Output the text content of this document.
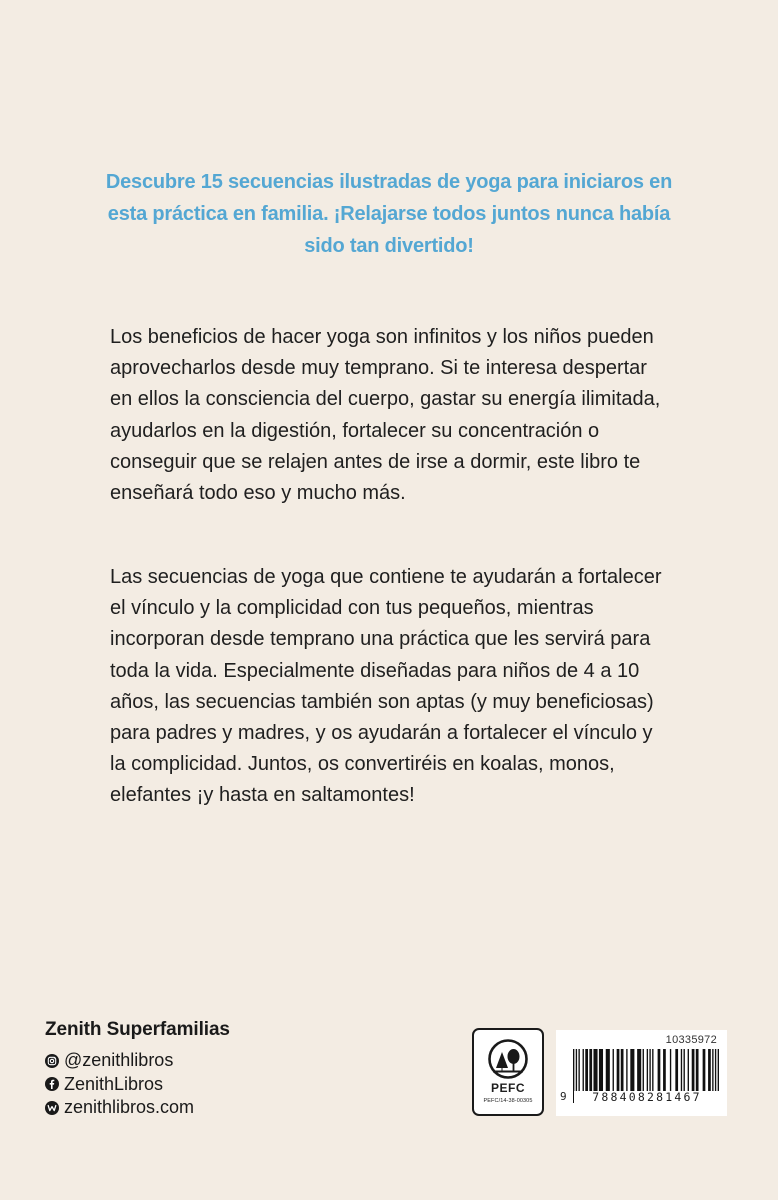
Descubre 15 secuencias ilustradas de yoga para iniciaros en esta práctica en familia. ¡Relajarse todos juntos nunca había sido tan divertido!
Los beneficios de hacer yoga son infinitos y los niños pueden aprovecharlos desde muy temprano. Si te interesa despertar en ellos la consciencia del cuerpo, gastar su energía ilimitada, ayudarlos en la digestión, fortalecer su concentración o conseguir que se relajen antes de irse a dormir, este libro te enseñará todo eso y mucho más.
Las secuencias de yoga que contiene te ayudarán a fortalecer el vínculo y la complicidad con tus pequeños, mientras incorporan desde temprano una práctica que les servirá para toda la vida. Especialmente diseñadas para niños de 4 a 10 años, las secuencias también son aptas (y muy beneficiosas) para padres y madres, y os ayudarán a fortalecer el vínculo y la complicidad. Juntos, os convertiréis en koalas, monos, elefantes ¡y hasta en saltamontes!
Zenith Superfamilias
@zenithlibros
ZenithLibros
zenithlibros.com
PEFC
PEFC/14-38-00305
10335972
9	788408281467
